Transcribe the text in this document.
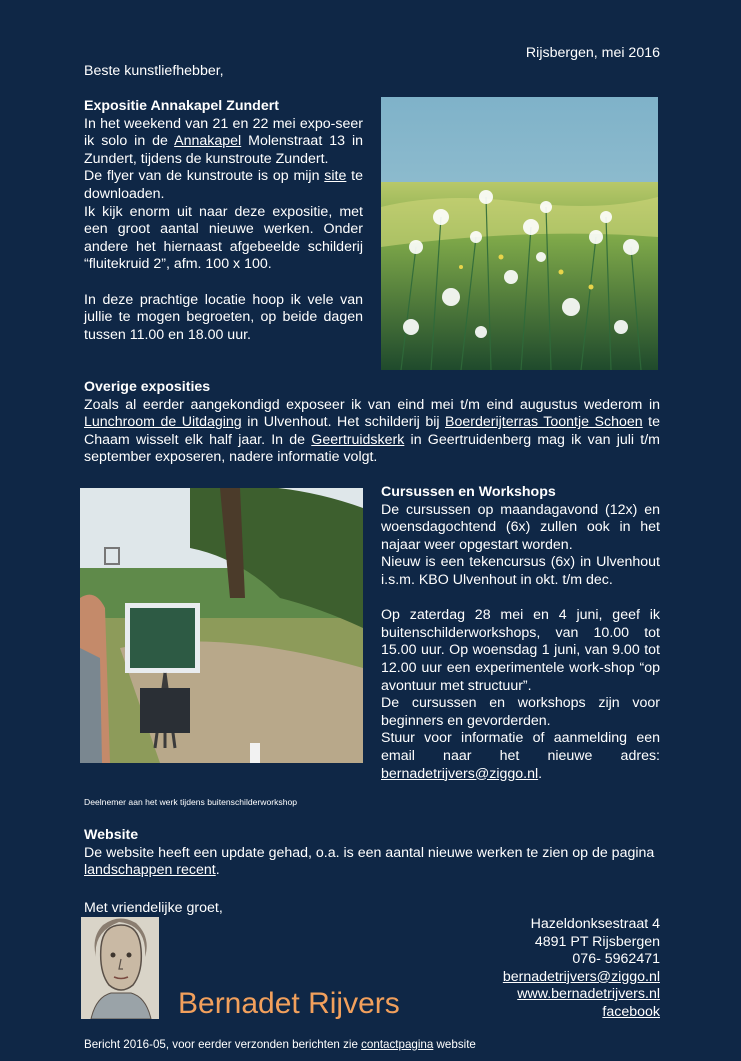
Rijsbergen, mei 2016
Beste kunstliefhebber,
Expositie Annakapel Zundert

In het weekend van 21 en 22 mei expo-seer ik solo in de Annakapel Molenstraat 13 in Zundert, tijdens de kunstroute Zundert.

De flyer van de kunstroute is op mijn site te downloaden.

Ik kijk enorm uit naar deze expositie, met een groot aantal nieuwe werken. Onder andere het hiernaast afgebeelde schilderij “fluitekruid 2”, afm. 100 x 100.

In deze prachtige locatie hoop ik vele van jullie te mogen begroeten, op beide dagen tussen 11.00 en 18.00 uur.

Overige exposities

Zoals al eerder aangekondigd exposeer ik van eind mei t/m eind augustus wederom in Lunchroom de Uitdaging in Ulvenhout. Het schilderij bij Boerderijterras Toontje Schoen te Chaam wisselt elk half jaar. In de Geertruidskerk in Geertruidenberg mag ik van juli t/m september exposeren, nadere informatie volgt.

Deelnemer aan het werk tijdens buitenschilderworkshop
Cursussen en Workshops

De cursussen op maandagavond (12x) en woensdagochtend (6x) zullen ook in het najaar weer opgestart worden.

Nieuw is een tekencursus (6x) in Ulvenhout i.s.m. KBO Ulvenhout in okt. t/m dec.

Op zaterdag 28 mei en 4 juni, geef ik buitenschilderworkshops, van 10.00 tot 15.00 uur. Op woensdag 1 juni, van 9.00 tot 12.00 uur een experimentele work-shop “op avontuur met structuur”.

De cursussen en workshops zijn voor beginners en gevorderden.

Stuur voor informatie of aanmelding een email naar het nieuwe adres: bernadetrijvers@ziggo.nl.

Website

De website heeft een update gehad, o.a. is een aantal nieuwe werken te zien op de pagina landschappen recent.

Met vriendelijke groet,
Bernadet Rijvers
Hazeldonksestraat 4
4891 PT Rijsbergen
076- 5962471
bernadetrijvers@ziggo.nl
www.bernadetrijvers.nl
facebook
Bericht 2016-05, voor eerder verzonden berichten zie contactpagina website
